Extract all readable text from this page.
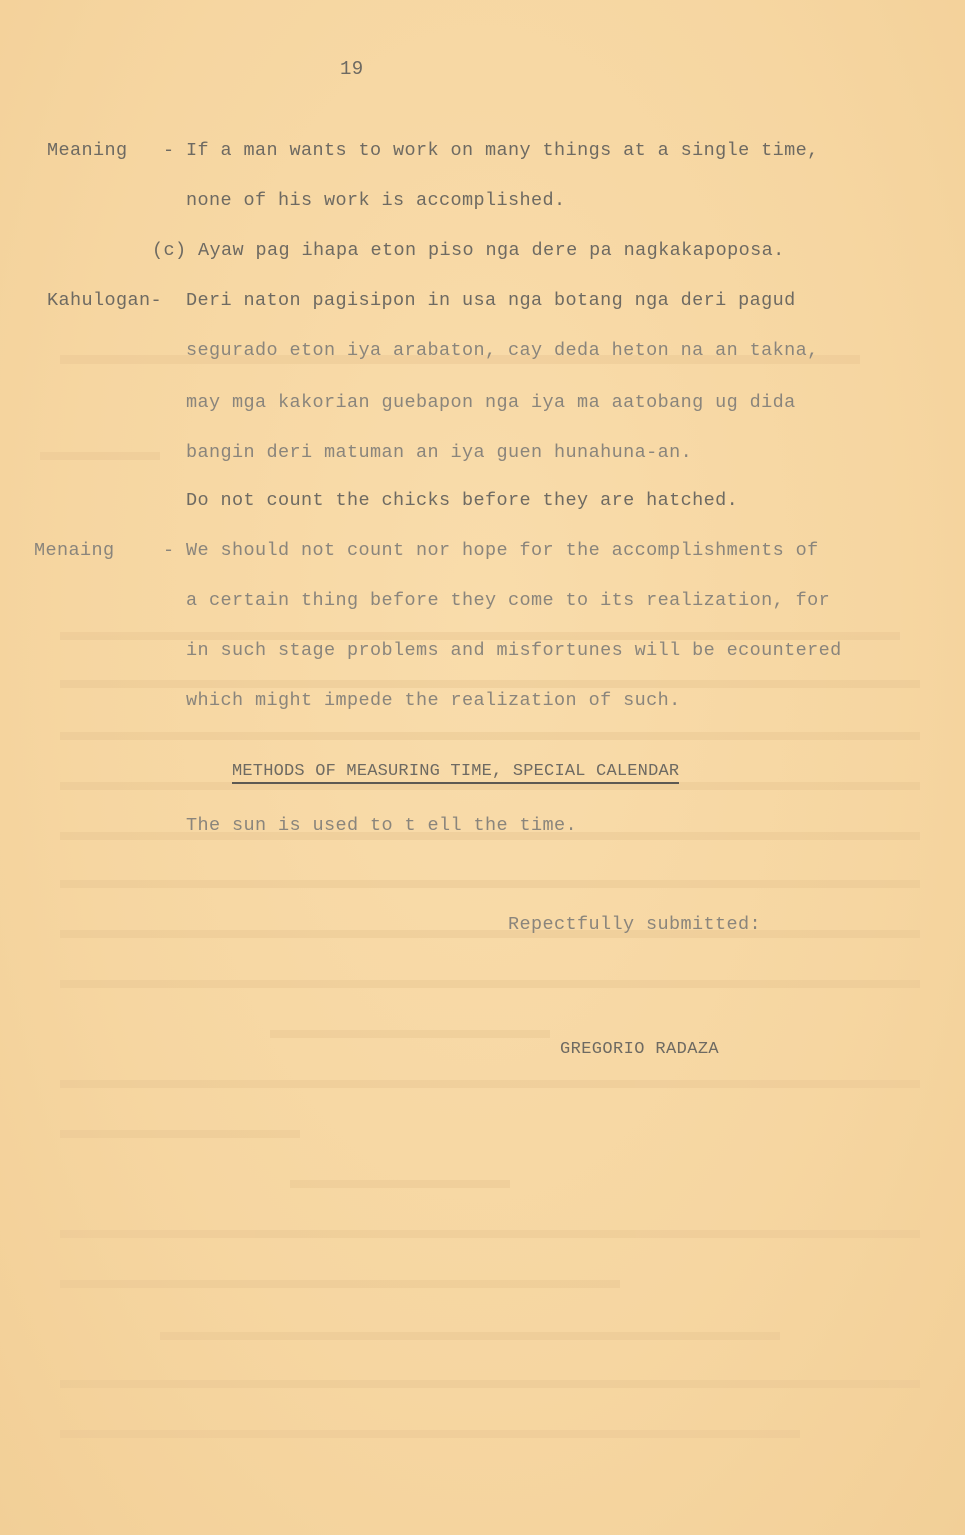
19
Meaning - If a man wants to work on many things at a single time,
none of his work is accomplished.
(c) Ayaw pag ihapa eton piso nga dere pa nagkakapoposa.
Kahulogan- Deri naton pagisipon in usa nga botang nga deri pagud
segurado eton iya arabaton, cay deda heton na an takna,
may mga kakorian guebapon nga iya ma aatobang ug dida
bangin deri matuman an iya guen hunahuna-an.
Do not count the chicks before they are hatched.
Menaing	- We should not count nor hope for the accomplishments of
a certain thing before they come to its realization, for
in such stage problems and misfortunes will be ecountered
which might impede the realization of such.
METHODS OF MEASURING TIME, SPECIAL CALENDAR
The sun is used to t ell the time.
Repectfully submitted:
GREGORIO RADAZA
